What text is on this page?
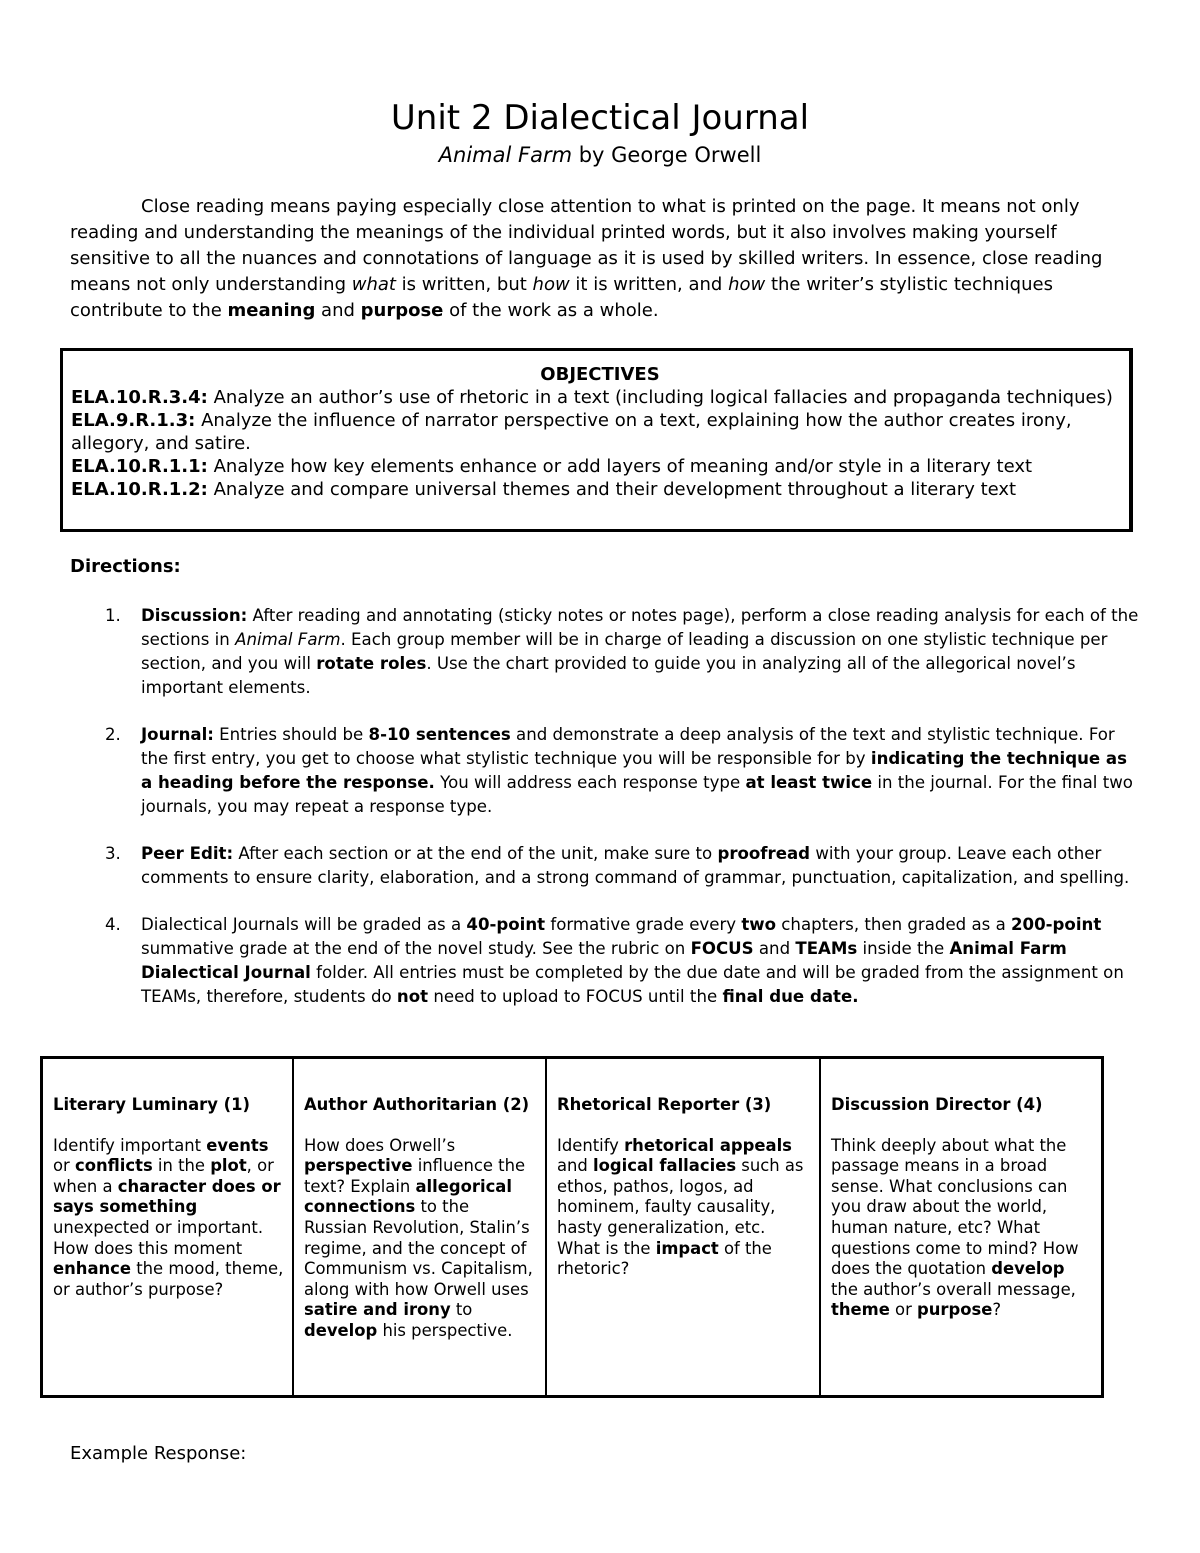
Unit 2 Dialectical Journal
Animal Farm by George Orwell
Close reading means paying especially close attention to what is printed on the page. It means not only reading and understanding the meanings of the individual printed words, but it also involves making yourself sensitive to all the nuances and connotations of language as it is used by skilled writers. In essence, close reading means not only understanding what is written, but how it is written, and how the writer’s stylistic techniques contribute to the meaning and purpose of the work as a whole.
OBJECTIVES
ELA.10.R.3.4: Analyze an author’s use of rhetoric in a text (including logical fallacies and propaganda techniques)
ELA.9.R.1.3: Analyze the influence of narrator perspective on a text, explaining how the author creates irony, allegory, and satire.
ELA.10.R.1.1: Analyze how key elements enhance or add layers of meaning and/or style in a literary text
ELA.10.R.1.2: Analyze and compare universal themes and their development throughout a literary text
Directions:
1. Discussion: After reading and annotating (sticky notes or notes page), perform a close reading analysis for each of the sections in Animal Farm. Each group member will be in charge of leading a discussion on one stylistic technique per section, and you will rotate roles. Use the chart provided to guide you in analyzing all of the allegorical novel’s important elements.
2. Journal: Entries should be 8-10 sentences and demonstrate a deep analysis of the text and stylistic technique. For the first entry, you get to choose what stylistic technique you will be responsible for by indicating the technique as a heading before the response. You will address each response type at least twice in the journal. For the final two journals, you may repeat a response type.
3. Peer Edit: After each section or at the end of the unit, make sure to proofread with your group. Leave each other comments to ensure clarity, elaboration, and a strong command of grammar, punctuation, capitalization, and spelling.
4. Dialectical Journals will be graded as a 40-point formative grade every two chapters, then graded as a 200-point summative grade at the end of the novel study. See the rubric on FOCUS and TEAMs inside the Animal Farm Dialectical Journal folder. All entries must be completed by the due date and will be graded from the assignment on TEAMs, therefore, students do not need to upload to FOCUS until the final due date.
Literary Luminary (1)
Identify important events or conflicts in the plot, or when a character does or says something unexpected or important. How does this moment enhance the mood, theme, or author’s purpose?
Author Authoritarian (2)
How does Orwell’s perspective influence the text? Explain allegorical connections to the Russian Revolution, Stalin’s regime, and the concept of Communism vs. Capitalism, along with how Orwell uses satire and irony to develop his perspective.
Rhetorical Reporter (3)
Identify rhetorical appeals and logical fallacies such as ethos, pathos, logos, ad hominem, faulty causality, hasty generalization, etc. What is the impact of the rhetoric?
Discussion Director (4)
Think deeply about what the passage means in a broad sense. What conclusions can you draw about the world, human nature, etc? What questions come to mind? How does the quotation develop the author’s overall message, theme or purpose?
Example Response:
